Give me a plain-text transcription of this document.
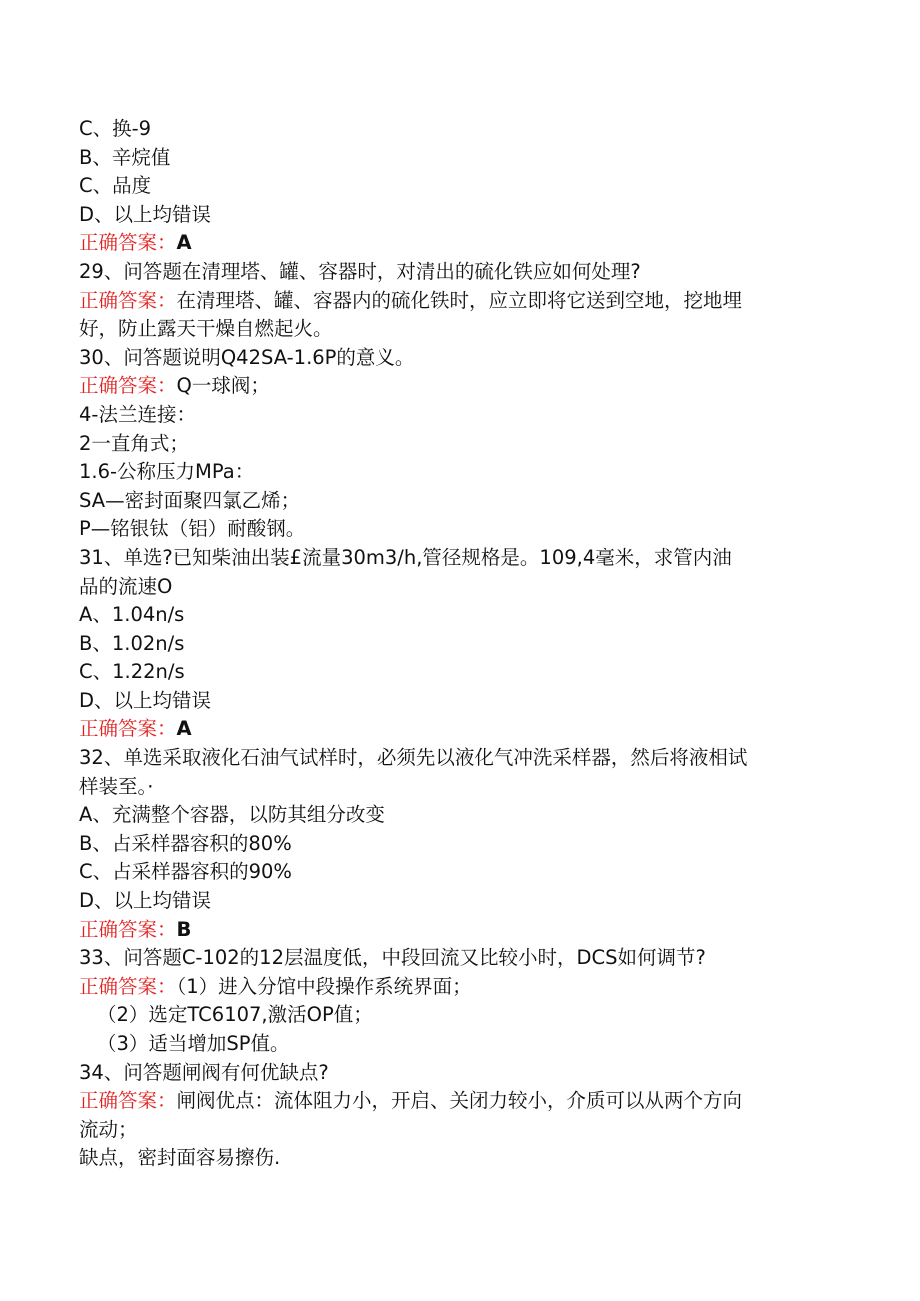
C、换-9
B、辛烷值
C、品度
D、以上均错误
正确答案：A
29、问答题在清理塔、罐、容器时，对清出的硫化铁应如何处理?
正确答案：在清理塔、罐、容器内的硫化铁时，应立即将它送到空地，挖地埋
好，防止露天干燥自燃起火。
30、问答题说明Q42SA-1.6P的意义。
正确答案：Q一球阀；
4-法兰连接：
2一直角式；
1.6-公称压力MPa：
SA—密封面聚四氯乙烯；
P—铭银钛（铝）耐酸钢。
31、单选?已知柴油出装£流量30m3/h,管径规格是。109,4毫米，求管内油
品的流速O
A、1.04n/s
B、1.02n/s
C、1.22n/s
D、以上均错误
正确答案：A
32、单选采取液化石油气试样时，必须先以液化气冲洗采样器，然后将液相试
样装至。·
A、充满整个容器，以防其组分改变
B、占采样器容积的80%
C、占采样器容积的90%
D、以上均错误
正确答案：B
33、问答题C-102的12层温度低，中段回流又比较小时，DCS如何调节?
正确答案：（1）进入分馆中段操作系统界面；
（2）选定TC6107,激活OP值；
（3）适当增加SP值。
34、问答题闸阀有何优缺点?
正确答案：闸阀优点：流体阻力小，开启、关闭力较小，介质可以从两个方向
流动；
缺点，密封面容易擦伤.
